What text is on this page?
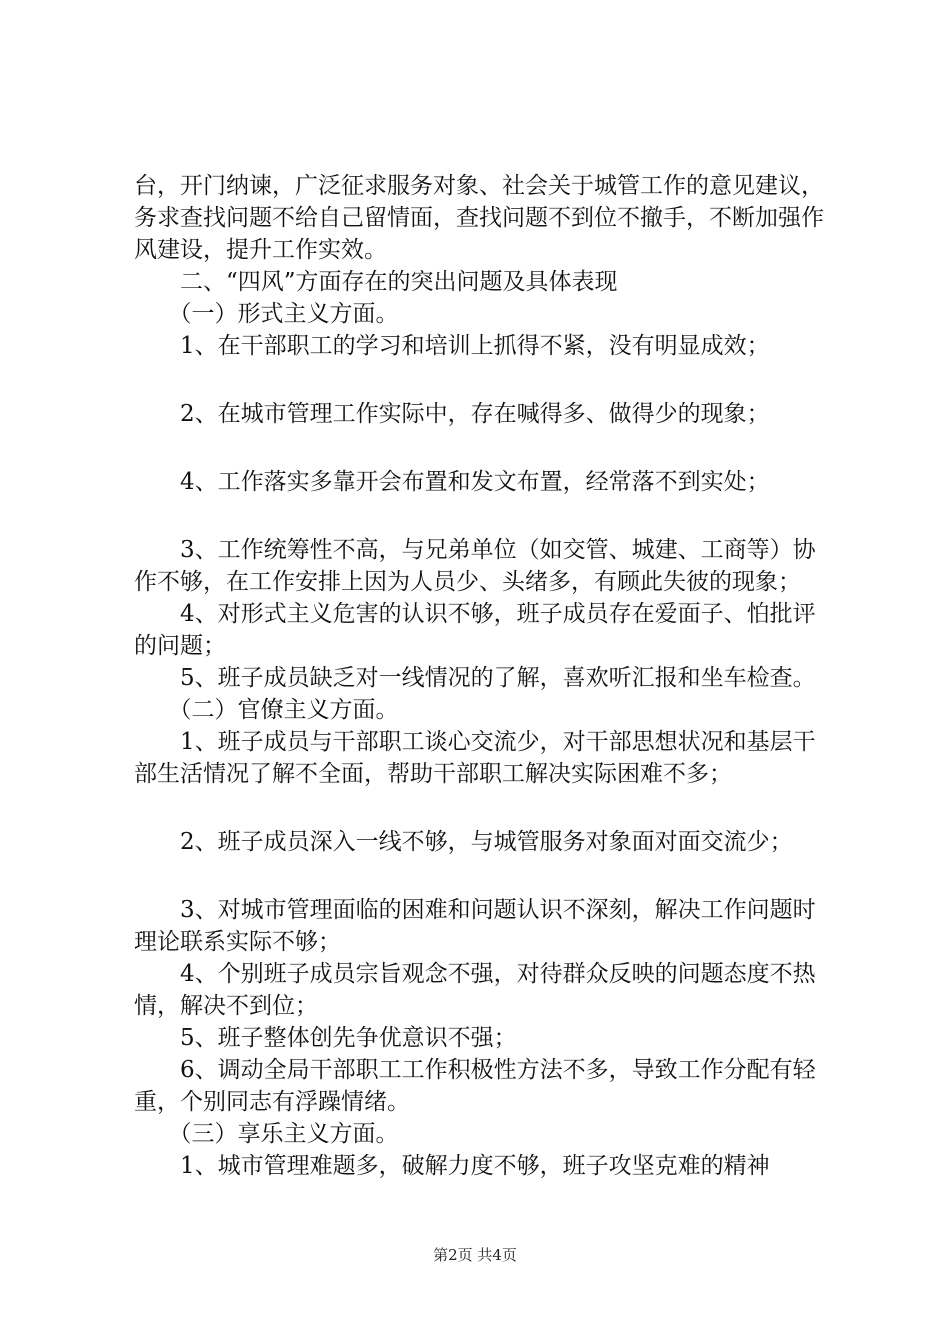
台，开门纳谏，广泛征求服务对象、社会关于城管工作的意见建议，务求查找问题不给自己留情面，查找问题不到位不撤手，不断加强作风建设，提升工作实效。

　　二、“四风”方面存在的突出问题及具体表现

　　（一）形式主义方面。

　　1、在干部职工的学习和培训上抓得不紧，没有明显成效；

　　2、在城市管理工作实际中，存在喊得多、做得少的现象；

　　4、工作落实多靠开会布置和发文布置，经常落不到实处；

　　3、工作统筹性不高，与兄弟单位（如交管、城建、工商等）协作不够，在工作安排上因为人员少、头绪多，有顾此失彼的现象；

　　4、对形式主义危害的认识不够，班子成员存在爱面子、怕批评的问题；

　　5、班子成员缺乏对一线情况的了解，喜欢听汇报和坐车检查。

　　（二）官僚主义方面。

　　1、班子成员与干部职工谈心交流少，对干部思想状况和基层干部生活情况了解不全面，帮助干部职工解决实际困难不多；

　　2、班子成员深入一线不够，与城管服务对象面对面交流少；

　　3、对城市管理面临的困难和问题认识不深刻，解决工作问题时理论联系实际不够；

　　4、个别班子成员宗旨观念不强，对待群众反映的问题态度不热情，解决不到位；

　　5、班子整体创先争优意识不强；

　　6、调动全局干部职工工作积极性方法不多，导致工作分配有轻重，个别同志有浮躁情绪。

　　（三）享乐主义方面。

　　1、城市管理难题多，破解力度不够，班子攻坚克难的精神

第2页 共4页
